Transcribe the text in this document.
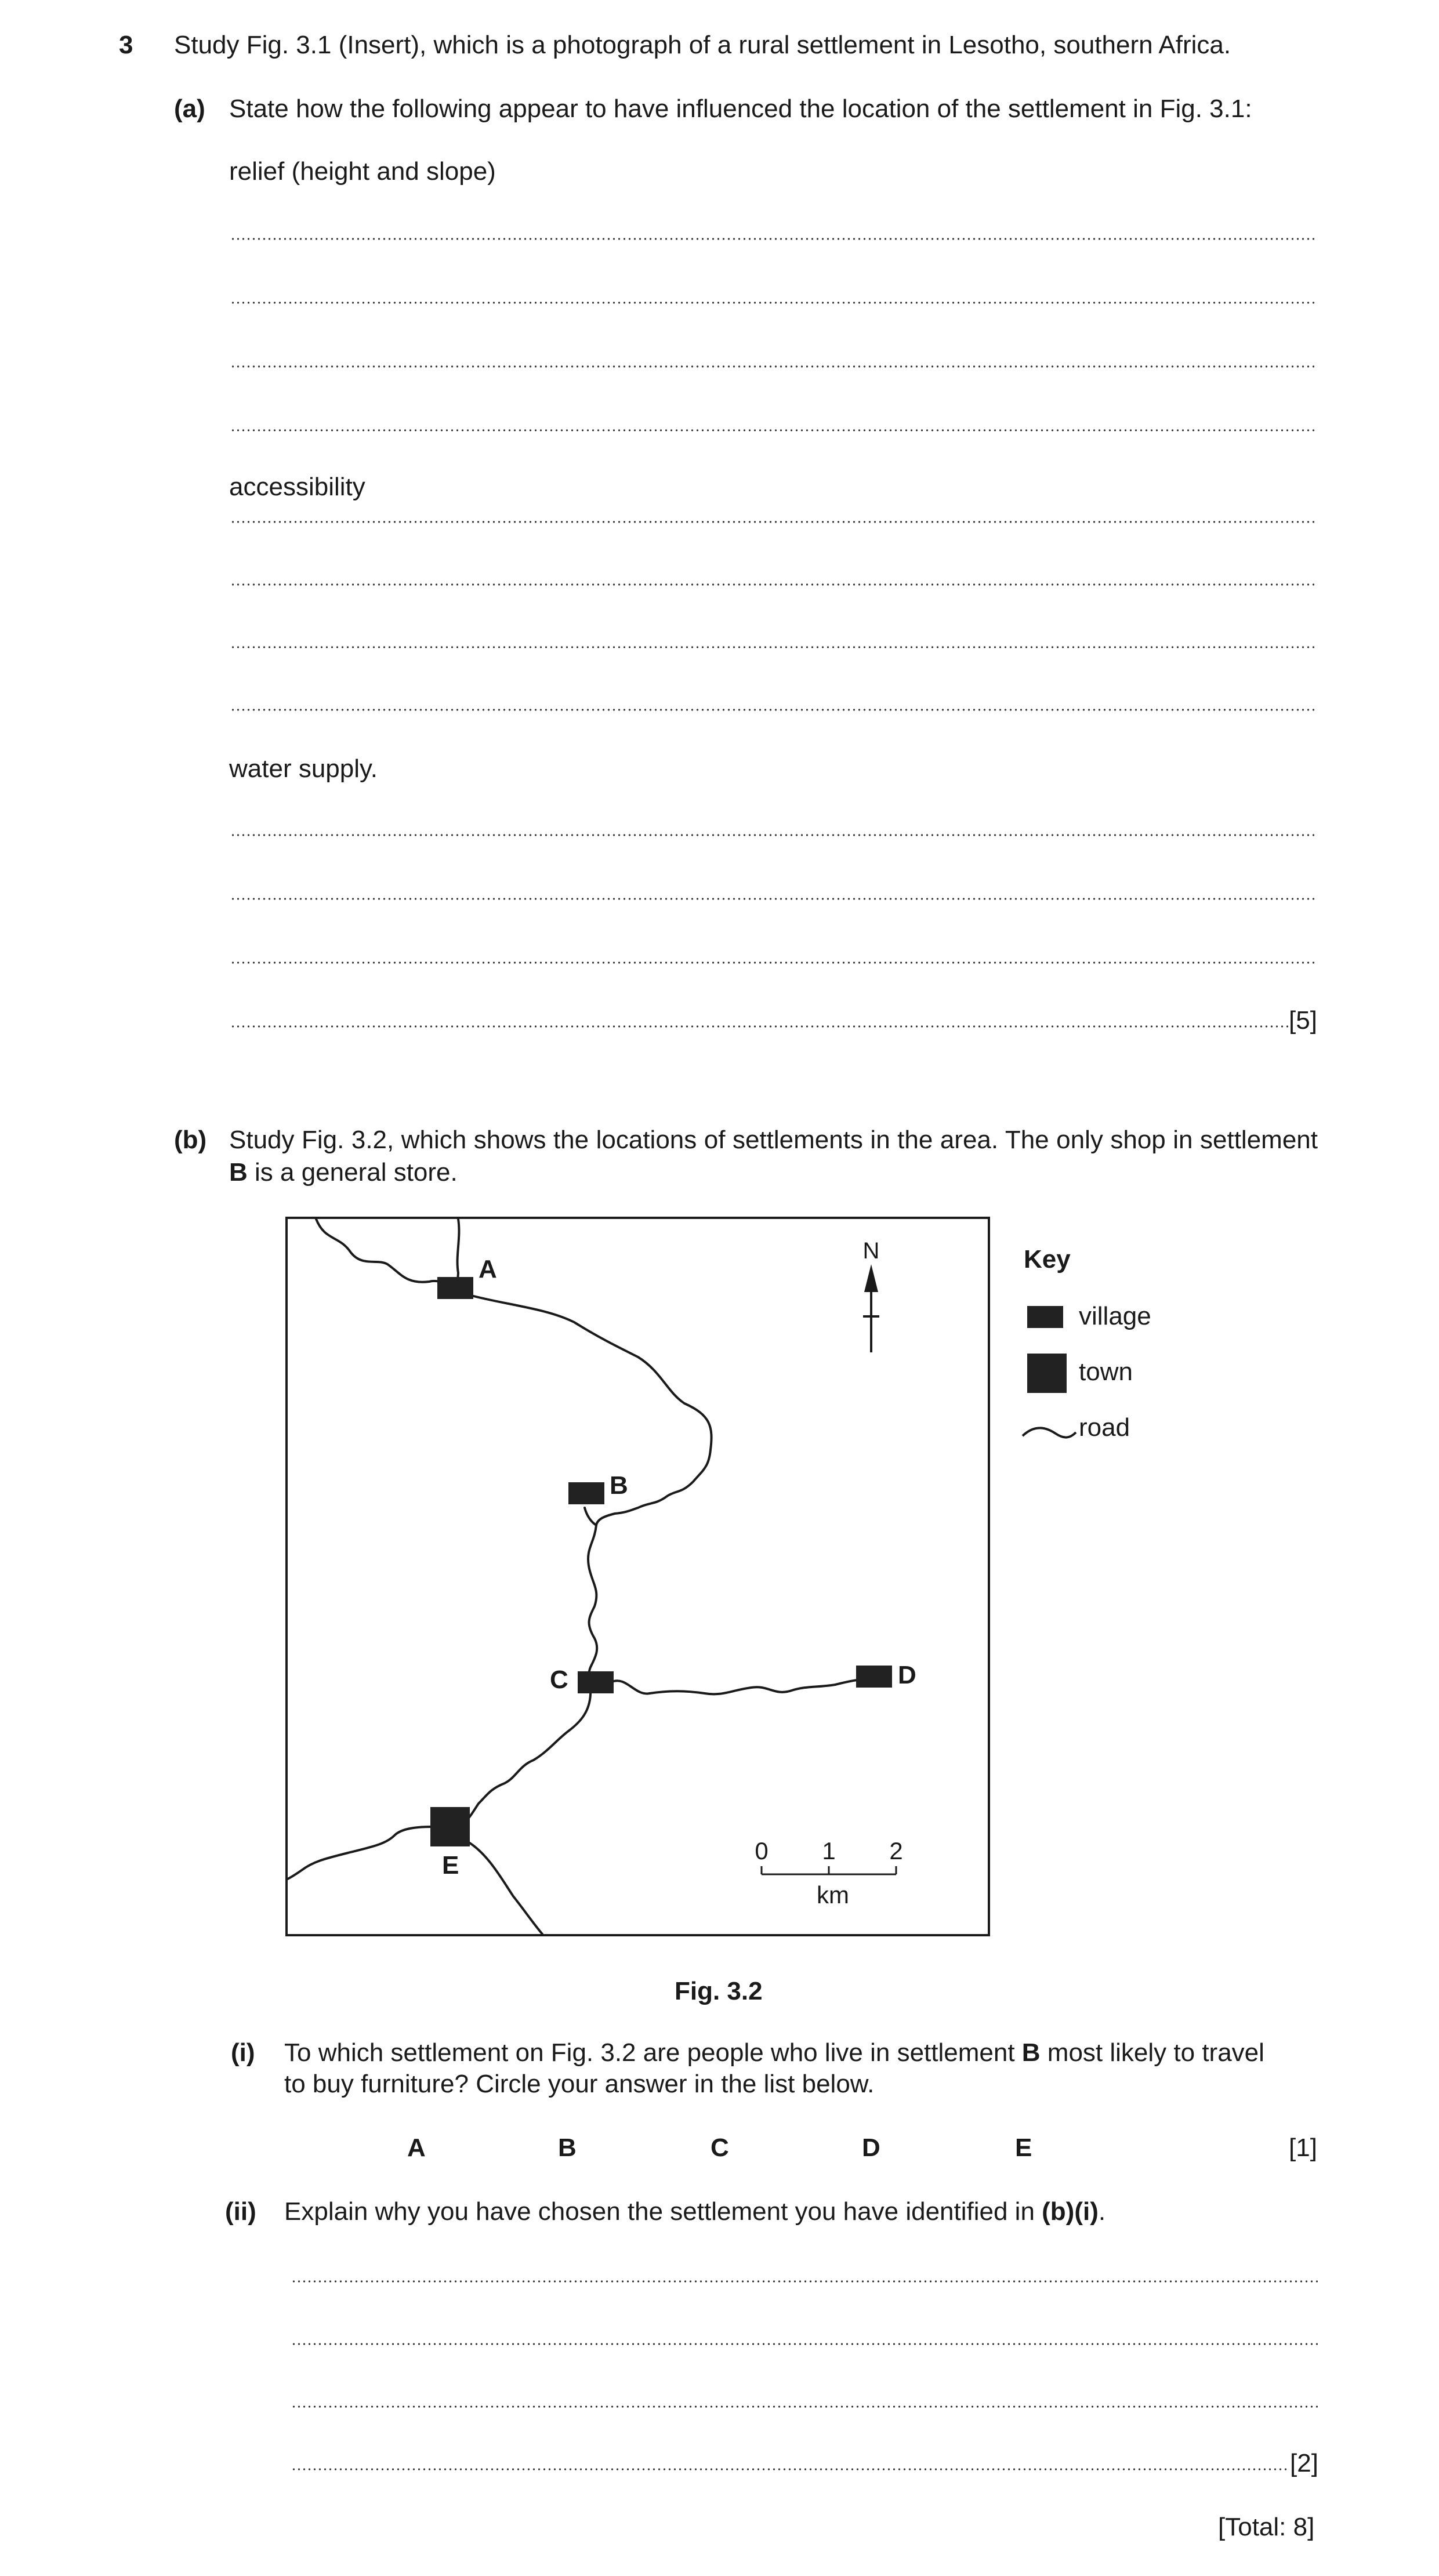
3 Study Fig. 3.1 (Insert), which is a photograph of a rural settlement in Lesotho, southern Africa.
(a) State how the following appear to have influenced the location of the settlement in Fig. 3.1:
relief (height and slope)
accessibility
water supply.
[5]
(b) Study Fig. 3.2, which shows the locations of settlements in the area. The only shop in settlement B is a general store.
A
B
C	D
E
N
0 1 2
km
Key
village
town
road
Fig. 3.2
(i) To which settlement on Fig. 3.2 are people who live in settlement B most likely to travel
to buy furniture? Circle your answer in the list below.
A	B	C	D	E	[1]
(ii) Explain why you have chosen the settlement you have identified in (b)(i).
[2]
[Total: 8]
